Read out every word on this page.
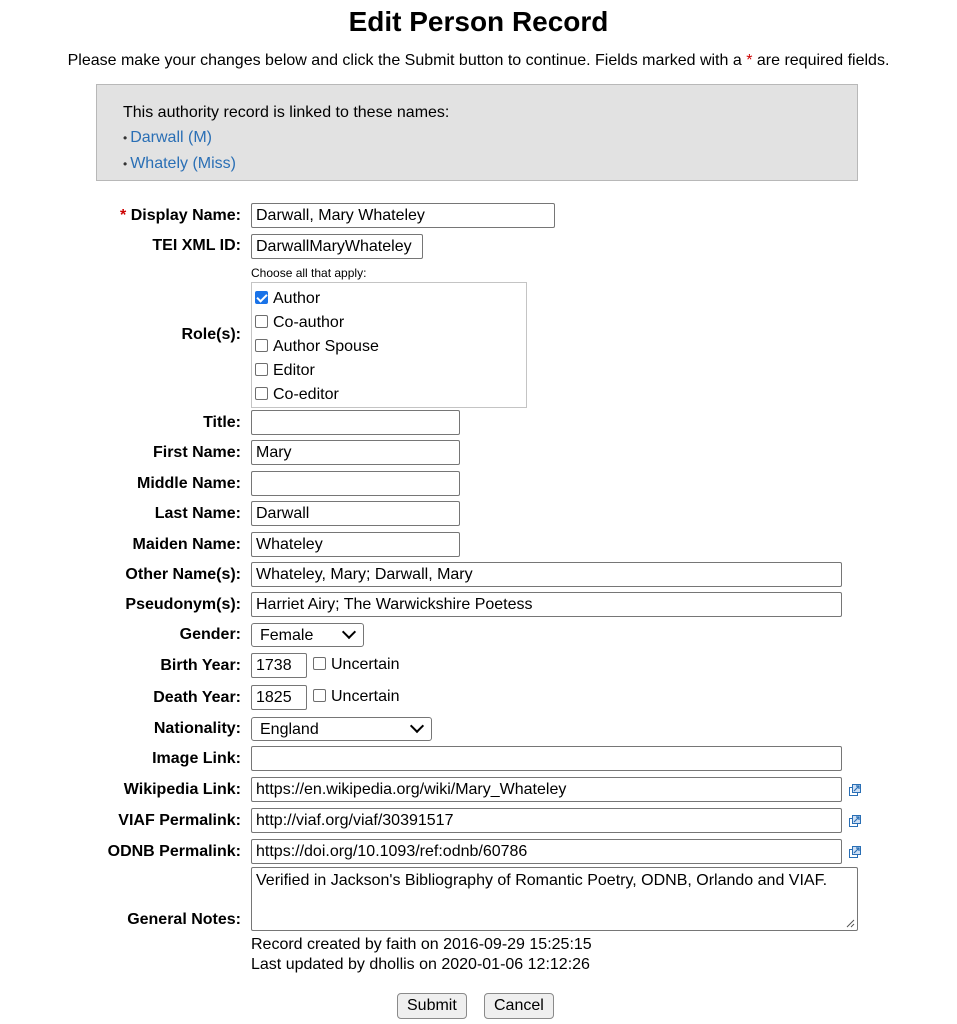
Edit Person Record
Please make your changes below and click the Submit button to continue. Fields marked with a * are required fields.
This authority record is linked to these names:
• Darwall (M)
• Whately (Miss)
* Display Name:
Darwall, Mary Whateley
TEI XML ID:
DarwallMaryWhateley
Choose all that apply:
Role(s):
Author
Co-author
Author Spouse
Editor
Co-editor
Title:
First Name:
Mary
Middle Name:
Last Name:
Darwall
Maiden Name:
Whateley
Other Name(s):
Whateley, Mary; Darwall, Mary
Pseudonym(s):
Harriet Airy; The Warwickshire Poetess
Gender:	Female
Birth Year:
1738	Uncertain
Death Year:
1825	Uncertain
Nationality:	England
Image Link:
Wikipedia Link:
https://en.wikipedia.org/wiki/Mary_Whateley
VIAF Permalink:
http://viaf.org/viaf/30391517
ODNB Permalink:
https://doi.org/10.1093/ref:odnb/60786
General Notes:
Verified in Jackson's Bibliography of Romantic Poetry, ODNB, Orlando and VIAF.
Record created by faith on 2016-09-29 15:25:15
Last updated by dhollis on 2020-01-06 12:12:26
Submit	Cancel
